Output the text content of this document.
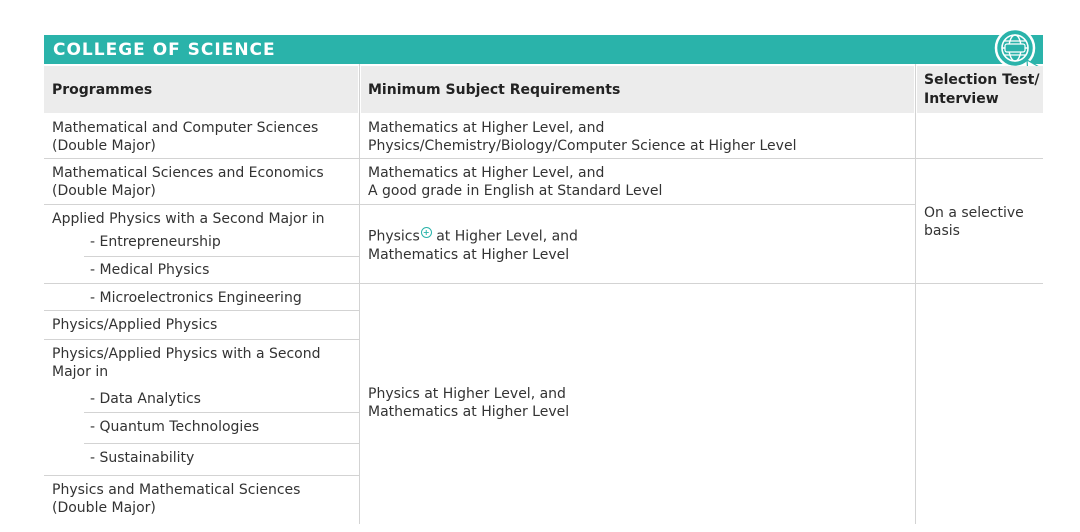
COLLEGE OF SCIENCE
Programmes	Minimum Subject Requirements
Selection Test/
Interview
Mathematical and Computer Sciences
(Double Major)
Mathematics at Higher Level, and
Physics/Chemistry/Biology/Computer Science at Higher Level
Mathematical Sciences and Economics
(Double Major)
Mathematics at Higher Level, and
A good grade in English at Standard Level
Applied Physics with a Second Major in
- Entrepreneurship
- Medical Physics
- Microelectronics Engineering
Physics + at Higher Level, and
Mathematics at Higher Level
On a selective
basis
Physics/Applied Physics
Physics/Applied Physics with a Second
Major in
- Data Analytics
- Quantum Technologies
- Sustainability
Physics at Higher Level, and
Mathematics at Higher Level
Physics and Mathematical Sciences
(Double Major)
